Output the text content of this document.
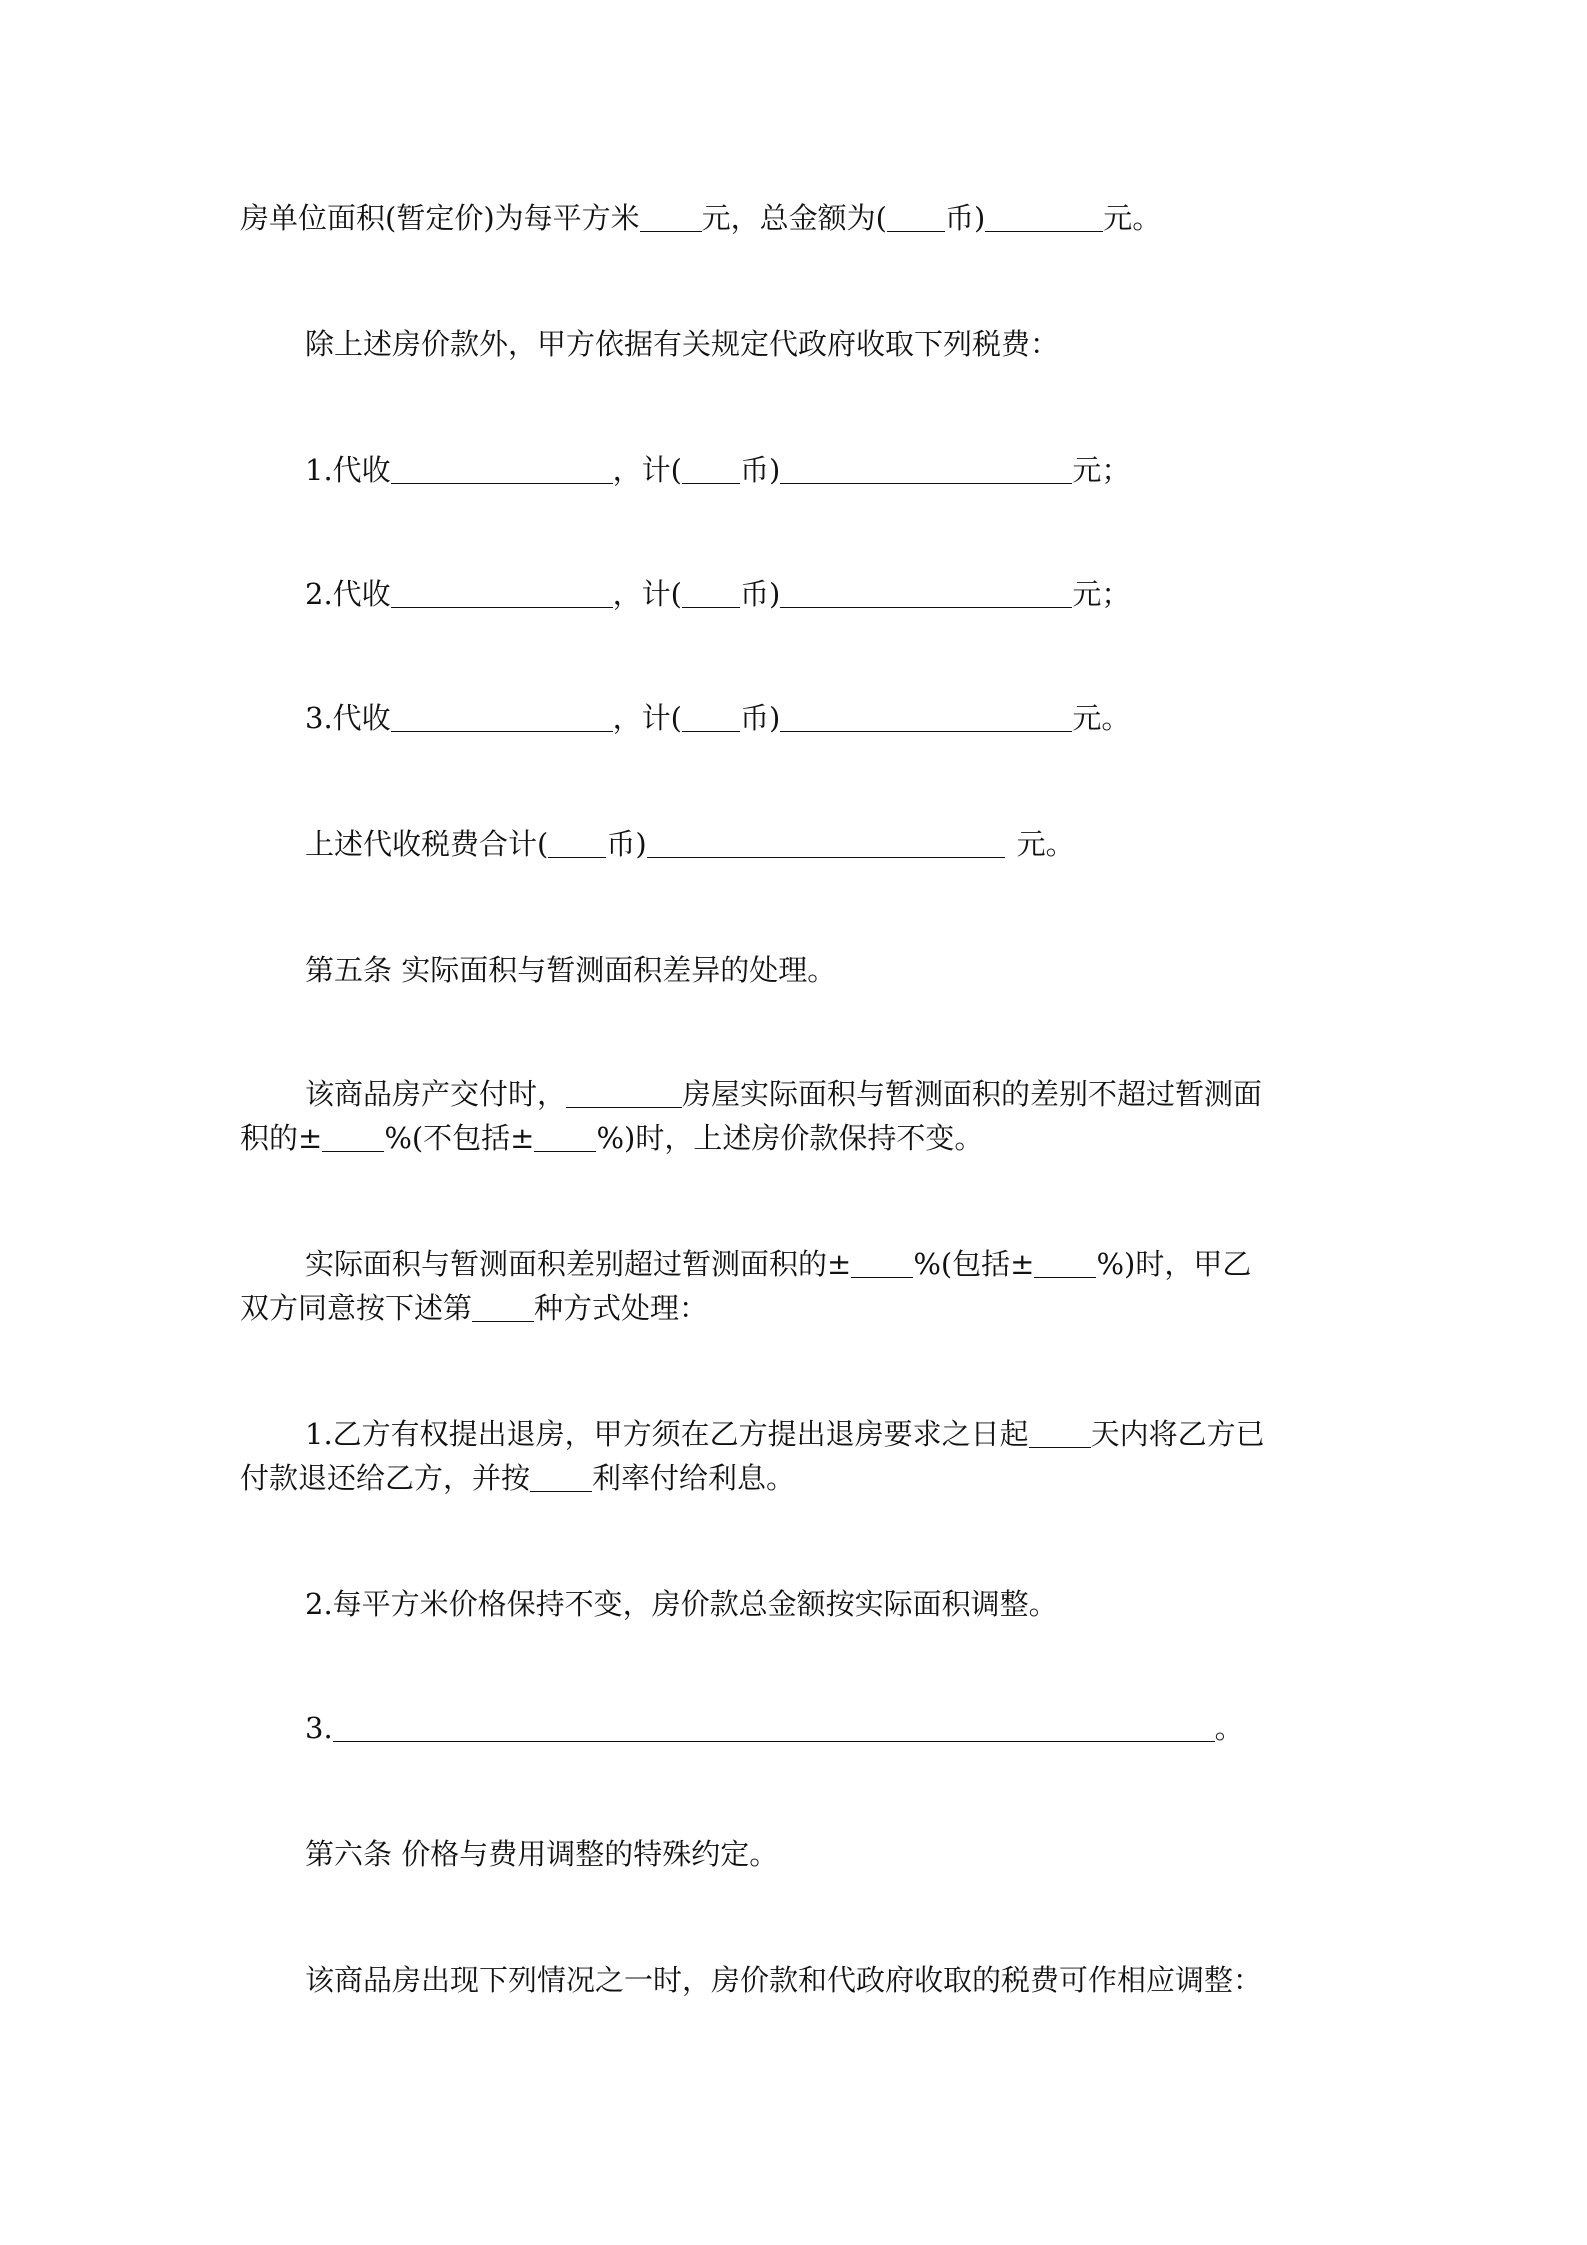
房单位面积(暂定价)为每平方米 元，总金额为( 币)	元。
除上述房价款外，甲方依据有关规定代政府收取下列税费：
1.代收	，计( 币)	元；
2.代收	，计( 币)	元；
3.代收	，计( 币)	元。
上述代收税费合计( 币)	元。
第五条 实际面积与暂测面积差异的处理。
该商品房产交付时，	房屋实际面积与暂测面积的差别不超过暂测面
积的± %(不包括± %)时，上述房价款保持不变。
实际面积与暂测面积差别超过暂测面积的± %(包括± %)时，甲乙
双方同意按下述第 种方式处理：
1.乙方有权提出退房，甲方须在乙方提出退房要求之日起 天内将乙方已
付款退还给乙方，并按 利率付给利息。
2.每平方米价格保持不变，房价款总金额按实际面积调整。
3.	。
第六条 价格与费用调整的特殊约定。
该商品房出现下列情况之一时，房价款和代政府收取的税费可作相应调整：
